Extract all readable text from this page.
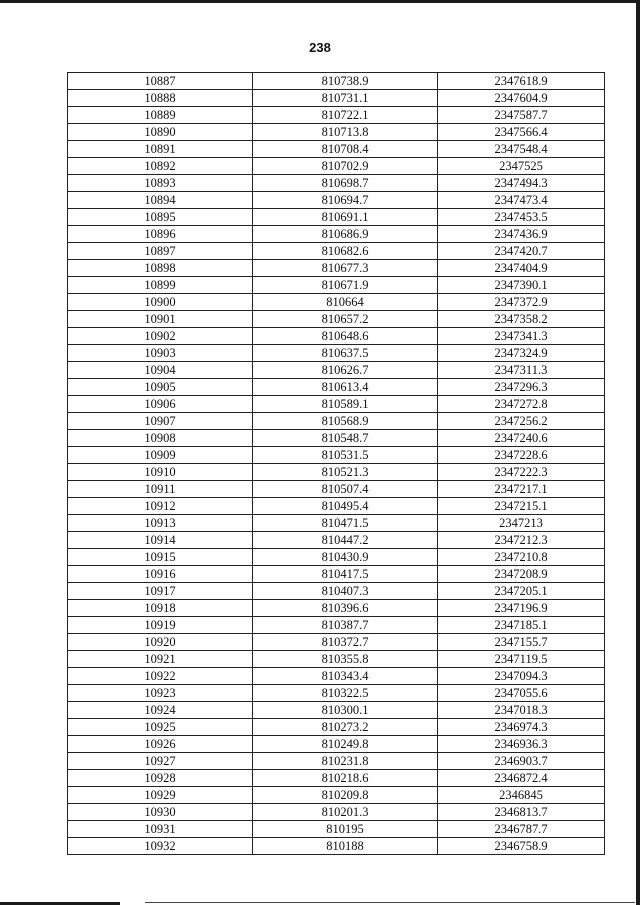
238
10887	810738.9	2347618.9
10888	810731.1	2347604.9
10889	810722.1	2347587.7
10890	810713.8	2347566.4
10891	810708.4	2347548.4
10892	810702.9	2347525
10893	810698.7	2347494.3
10894	810694.7	2347473.4
10895	810691.1	2347453.5
10896	810686.9	2347436.9
10897	810682.6	2347420.7
10898	810677.3	2347404.9
10899	810671.9	2347390.1
10900	810664	2347372.9
10901	810657.2	2347358.2
10902	810648.6	2347341.3
10903	810637.5	2347324.9
10904	810626.7	2347311.3
10905	810613.4	2347296.3
10906	810589.1	2347272.8
10907	810568.9	2347256.2
10908	810548.7	2347240.6
10909	810531.5	2347228.6
10910	810521.3	2347222.3
10911	810507.4	2347217.1
10912	810495.4	2347215.1
10913	810471.5	2347213
10914	810447.2	2347212.3
10915	810430.9	2347210.8
10916	810417.5	2347208.9
10917	810407.3	2347205.1
10918	810396.6	2347196.9
10919	810387.7	2347185.1
10920	810372.7	2347155.7
10921	810355.8	2347119.5
10922	810343.4	2347094.3
10923	810322.5	2347055.6
10924	810300.1	2347018.3
10925	810273.2	2346974.3
10926	810249.8	2346936.3
10927	810231.8	2346903.7
10928	810218.6	2346872.4
10929	810209.8	2346845
10930	810201.3	2346813.7
10931	810195	2346787.7
10932	810188	2346758.9
